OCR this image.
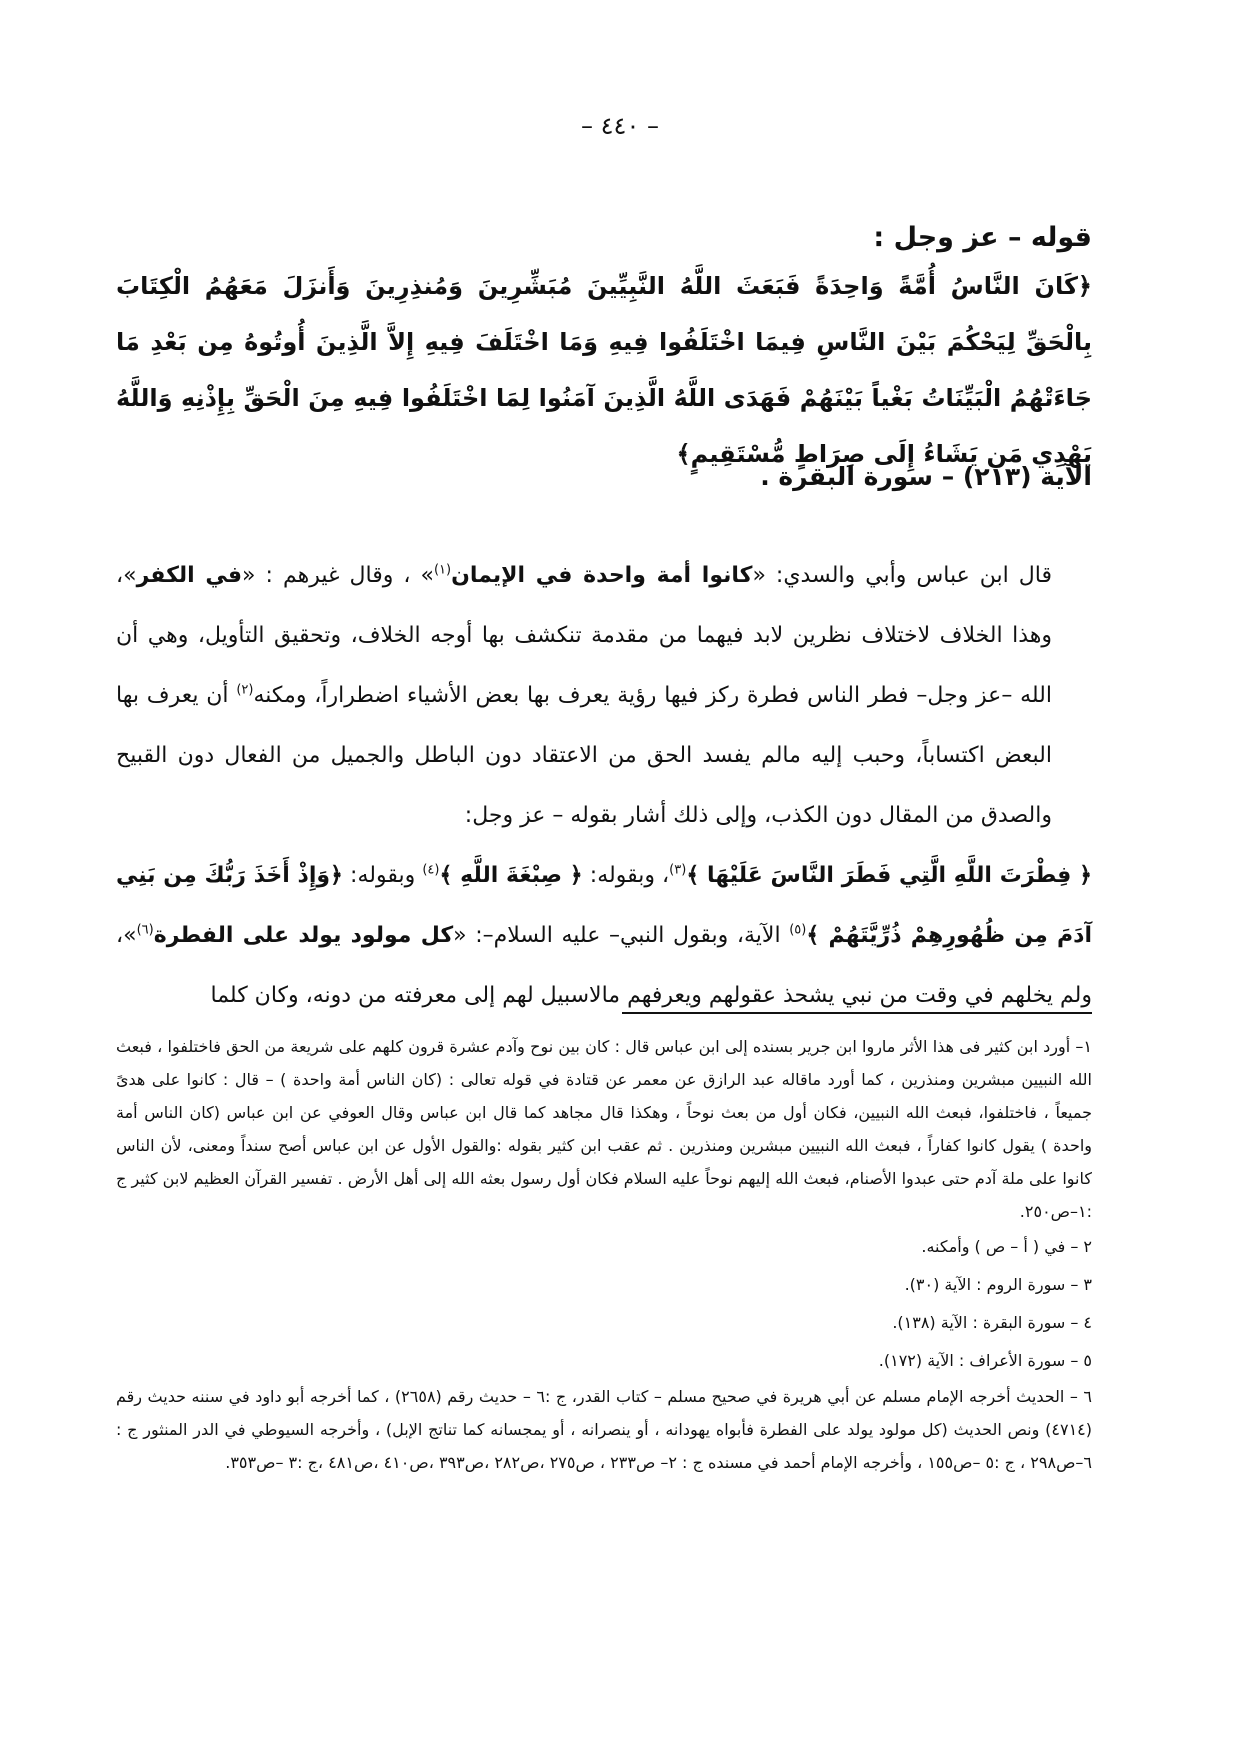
– ٤٤٠ –
قوله – عز وجل :
﴿كَانَ النَّاسُ أُمَّةً وَاحِدَةً فَبَعَثَ اللَّهُ النَّبِيِّينَ مُبَشِّرِينَ وَمُنذِرِينَ وَأَنزَلَ مَعَهُمُ الْكِتَابَ بِالْحَقِّ لِيَحْكُمَ بَيْنَ النَّاسِ فِيمَا اخْتَلَفُوا فِيهِ وَمَا اخْتَلَفَ فِيهِ إِلاَّ الَّذِينَ أُوتُوهُ مِن بَعْدِ مَا جَاءَتْهُمُ الْبَيِّنَاتُ بَغْياً بَيْنَهُمْ فَهَدَى اللَّهُ الَّذِينَ آمَنُوا لِمَا اخْتَلَفُوا فِيهِ مِنَ الْحَقِّ بِإِذْنِهِ وَاللَّهُ يَهْدِي مَن يَشَاءُ إِلَى صِرَاطٍ مُّسْتَقِيمٍ﴾
الآية (٢١٣) – سورة البقرة .

قال ابن عباس وأبي والسدي: «كانوا أمة واحدة في الإيمان$^{(١)}$» ، وقال غيرهم : «في الكفر»، وهذا الخلاف لاختلاف نظرين لابد فيهما من مقدمة تنكشف بها أوجه الخلاف، وتحقيق التأويل، وهي أن الله –عز وجل– فطر الناس فطرة ركز فيها رؤية يعرف بها بعض الأشياء اضطراراً، ومكنه$^{(٢)}$ أن يعرف بها البعض اكتساباً، وحبب إليه مالم يفسد الحق من الاعتقاد دون الباطل والجميل من الفعال دون القبيح والصدق من المقال دون الكذب، وإلى ذلك أشار بقوله – عز وجل:

﴿ فِطْرَتَ اللَّهِ الَّتِي فَطَرَ النَّاسَ عَلَيْهَا ﴾$^{(٣)}$، وبقوله: ﴿ صِبْغَةَ اللَّهِ ﴾$^{(٤)}$ وبقوله: ﴿وَإِذْ أَخَذَ رَبُّكَ مِن بَنِي آدَمَ مِن ظُهُورِهِمْ ذُرِّيَّتَهُمْ ﴾$^{(٥)}$ الآية، وبقول النبي– عليه السلام–: «كل مولود يولد على الفطرة$^{(٦)}$»، ولم يخلهم في وقت من نبي يشحذ عقولهم ويعرفهم مالاسبيل لهم إلى معرفته من دونه، وكان كلما

١– أورد ابن كثير فى هذا الأثر ماروا ابن جرير بسنده إلى ابن عباس قال : كان بين نوح وآدم عشرة قرون كلهم على شريعة من الحق فاختلفوا ، فبعث الله النبيين مبشرين ومنذرين ، كما أورد ماقاله عبد الرازق عن معمر عن قتادة في قوله تعالى : (كان الناس أمة واحدة ) – قال : كانوا على هدىً جميعاً ، فاختلفوا، فبعث الله النبيين، فكان أول من بعث نوحاً ، وهكذا قال مجاهد كما قال ابن عباس وقال العوفي عن ابن عباس (كان الناس أمة واحدة ) يقول كانوا كفاراً ، فبعث الله النبيين مبشرين ومنذرين . ثم عقب ابن كثير بقوله :والقول الأول عن ابن عباس أصح سنداً ومعنى، لأن الناس كانوا على ملة آدم حتى عبدوا الأصنام، فبعث الله إليهم نوحاً عليه السلام فكان أول رسول بعثه الله إلى أهل الأرض . تفسير القرآن العظيم لابن كثير ج :١–ص٢٥٠.

٢ – في ( أ – ص ) وأمكنه.

٣ – سورة الروم : الآية (٣٠).

٤ – سورة البقرة : الآية (١٣٨).

٥ – سورة الأعراف : الآية (١٧٢).

٦ – الحديث أخرجه الإمام مسلم عن أبي هريرة في صحيح مسلم – كتاب القدر، ج :٦ – حديث رقم (٢٦٥٨) ، كما أخرجه أبو داود في سننه حديث رقم (٤٧١٤) ونص الحديث (كل مولود يولد على الفطرة فأبواه يهودانه ، أو ينصرانه ، أو يمجسانه كما تناتج الإبل) ، وأخرجه السيوطي في الدر المنثور ج : ٦–ص٢٩٨ ، ج :٥ –ص١٥٥ ، وأخرجه الإمام أحمد في مسنده ج : ٢– ص٢٣٣ ، ص٢٧٥ ،ص٢٨٢ ،ص٣٩٣ ،ص٤١٠ ،ص٤٨١ ،ج :٣ –ص٣٥٣.
